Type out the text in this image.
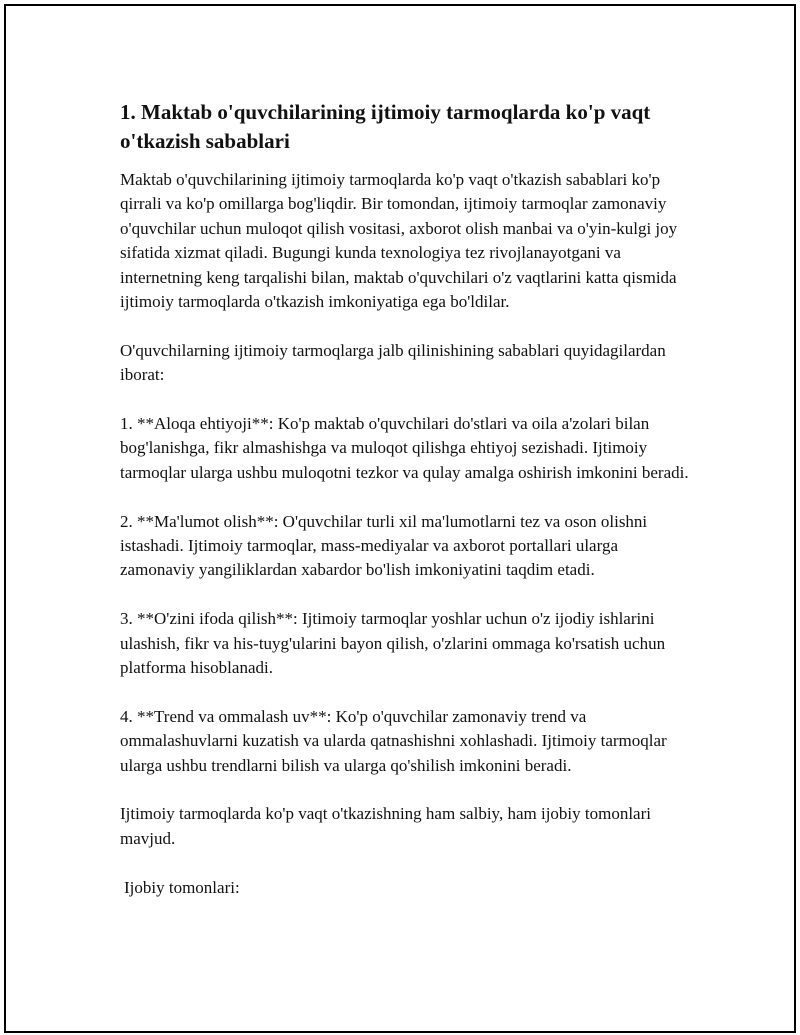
1. Maktab o'quvchilarining ijtimoiy tarmoqlarda ko'p vaqt o'tkazish sabablari

Maktab o'quvchilarining ijtimoiy tarmoqlarda ko'p vaqt o'tkazish sabablari ko'p qirrali va ko'p omillarga bog'liqdir. Bir tomondan, ijtimoiy tarmoqlar zamonaviy o'quvchilar uchun muloqot qilish vositasi, axborot olish manbai va o'yin-kulgi joy sifatida xizmat qiladi. Bugungi kunda texnologiya tez rivojlanayotgani va internetning keng tarqalishi bilan, maktab o'quvchilari o'z vaqtlarini katta qismida ijtimoiy tarmoqlarda o'tkazish imkoniyatiga ega bo'ldilar.

O'quvchilarning ijtimoiy tarmoqlarga jalb qilinishining sabablari quyidagilardan iborat:

1. **Aloqa ehtiyoji**: Ko'p maktab o'quvchilari do'stlari va oila a'zolari bilan bog'lanishga, fikr almashishga va muloqot qilishga ehtiyoj sezishadi. Ijtimoiy tarmoqlar ularga ushbu muloqotni tezkor va qulay amalga oshirish imkonini beradi.

2. **Ma'lumot olish**: O'quvchilar turli xil ma'lumotlarni tez va oson olishni istashadi. Ijtimoiy tarmoqlar, mass-mediyalar va axborot portallari ularga zamonaviy yangiliklardan xabardor bo'lish imkoniyatini taqdim etadi.

3. **O'zini ifoda qilish**: Ijtimoiy tarmoqlar yoshlar uchun o'z ijodiy ishlarini ulashish, fikr va his-tuyg'ularini bayon qilish, o'zlarini ommaga ko'rsatish uchun platforma hisoblanadi.

4. **Trend va ommalash uv**: Ko'p o'quvchilar zamonaviy trend va ommalashuvlarni kuzatish va ularda qatnashishni xohlashadi. Ijtimoiy tarmoqlar ularga ushbu trendlarni bilish va ularga qo'shilish imkonini beradi.

Ijtimoiy tarmoqlarda ko'p vaqt o'tkazishning ham salbiy, ham ijobiy tomonlari mavjud.

Ijobiy tomonlari:
